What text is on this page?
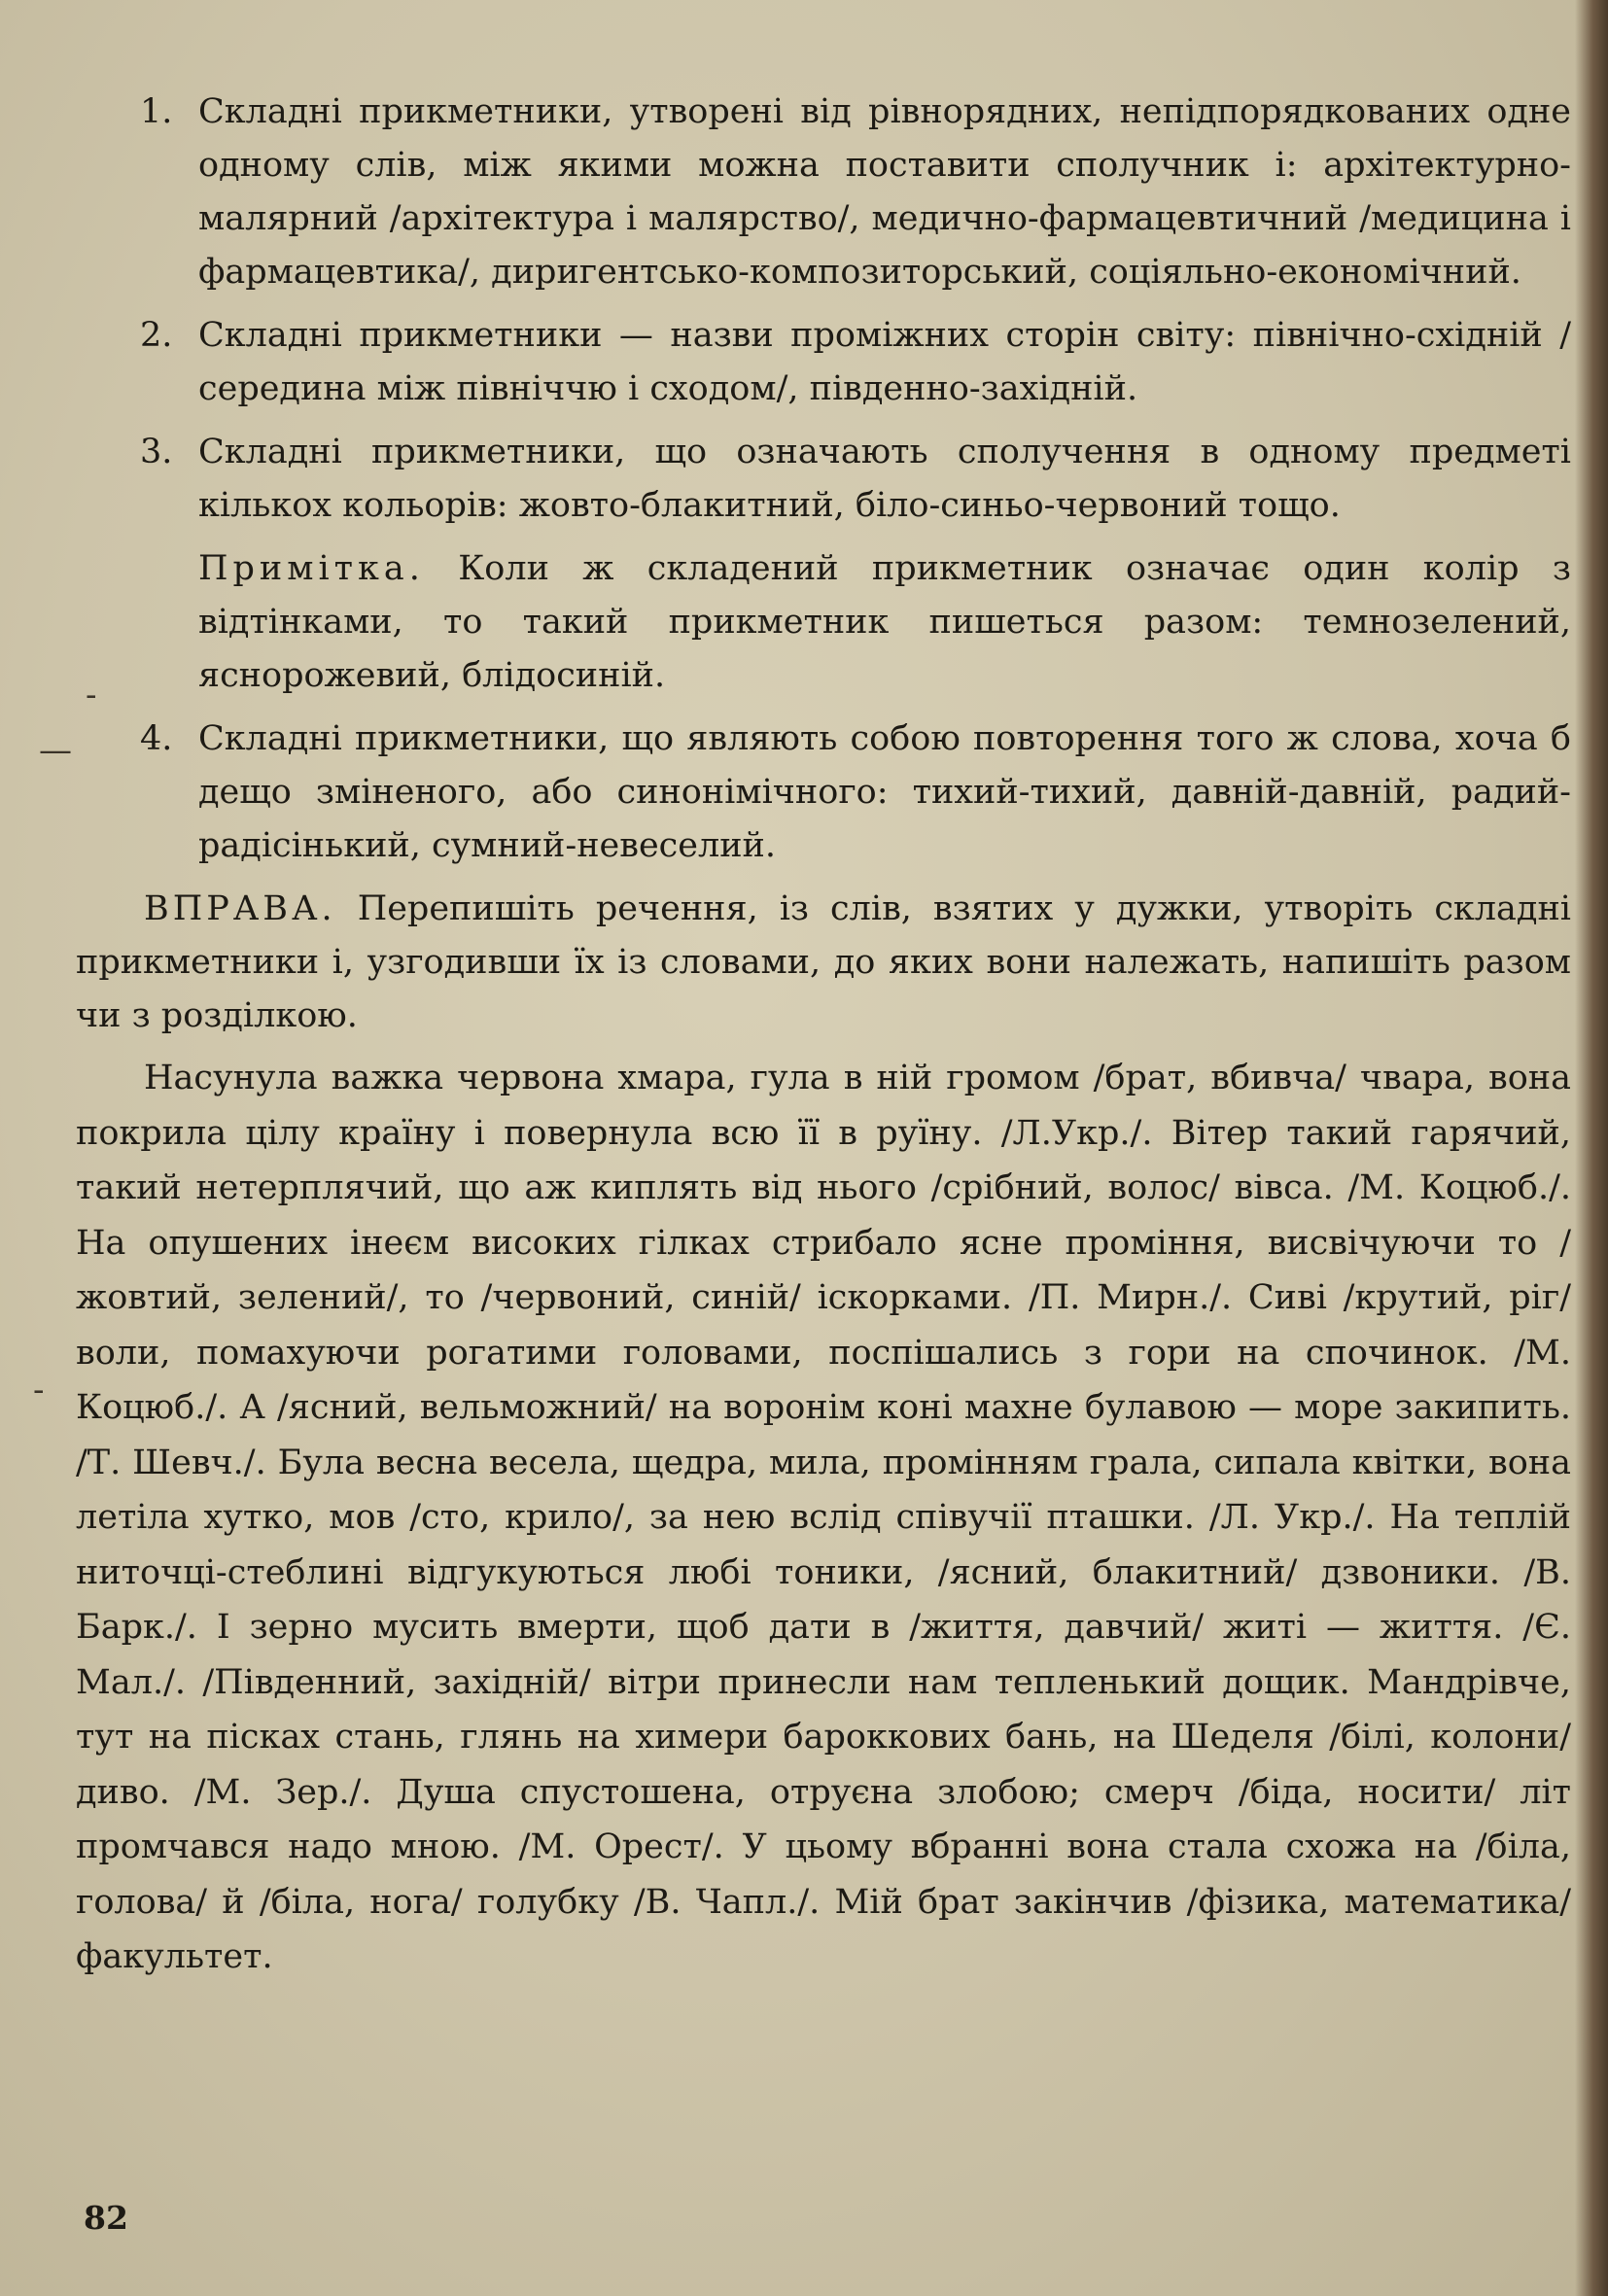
-
—
-
1. Складні прикметники, утворені від рівнорядних, непідпорядкованих одне одному слів, між якими можна поставити сполучник і: архітектурно-малярний /архітектура і малярство/, медично-фармацевтичний /медицина і фармацевтика/, диригентсько-композиторський, соціяльно-економічний.
2. Складні прикметники — назви проміжних сторін світу: північно-східній /середина між північчю і сходом/, південно-західній.
3. Складні прикметники, що означають сполучення в одному предметі кількох кольорів: жовто-блакитний, біло-синьо-червоний тощо.
Примітка. Коли ж складений прикметник означає один колір з відтінками, то такий прикметник пишеться разом: темнозелений, яснорожевий, блідосиній.
4. Складні прикметники, що являють собою повторення того ж слова, хоча б дещо зміненого, або синонімічного: тихий-тихий, давній-давній, радий-радісінький, сумний-невеселий.
ВПРАВА. Перепишіть речення, із слів, взятих у дужки, утворіть складні прикметники і, узгодивши їх із словами, до яких вони належать, напишіть разом чи з розділкою.
Насунула важка червона хмара, гула в ній громом /брат, вбивча/ чвара, вона покрила цілу країну і повернула всю її в руїну. /Л.Укр./. Вітер такий гарячий, такий нетерплячий, що аж киплять від нього /срібний, волос/ вівса. /М. Коцюб./. На опушених інеєм високих гілках стрибало ясне проміння, висвічуючи то /жовтий, зелений/, то /червоний, синій/ іскорками. /П. Мирн./. Сиві /крутий, ріг/ воли, помахуючи рогатими головами, поспішались з гори на спочинок. /М. Коцюб./. А /ясний, вельможний/ на воронім коні махне булавою — море закипить. /Т. Шевч./. Була весна весела, щедра, мила, промінням грала, сипала квітки, вона летіла хутко, мов /сто, крило/, за нею вслід співучії пташки. /Л. Укр./. На теплій ниточці-стеблині відгукуються любі тоники, /ясний, блакитний/ дзвоники. /В. Барк./. І зерно мусить вмерти, щоб дати в /життя, давчий/ житі — життя. /Є. Мал./. /Південний, західній/ вітри принесли нам тепленький дощик. Мандрівче, тут на пісках стань, глянь на химери барокковиx бань, на Шеделя /білі, колони/ диво. /М. Зер./. Душа спустошена, отруєна злобою; смерч /біда, носити/ літ промчався надо мною. /М. Орест/. У цьому вбранні вона стала схожа на /біла, голова/ й /біла, нога/ голубку /В. Чапл./. Мій брат закінчив /фізика, математика/ факультет.
82
